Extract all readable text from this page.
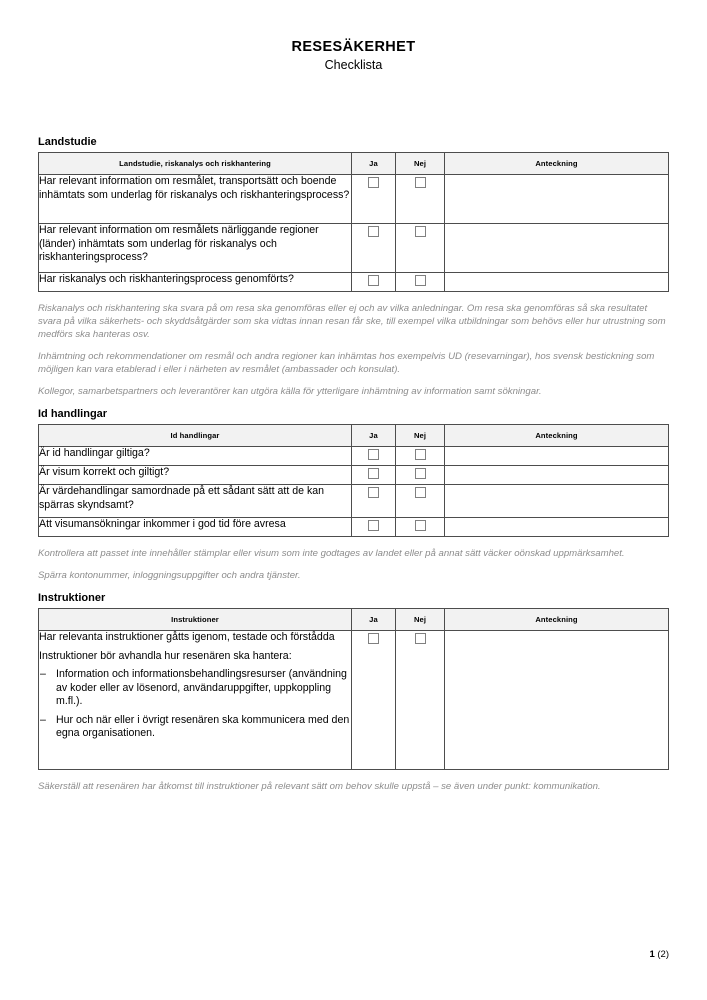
RESESÄKERHET
Checklista
Landstudie
Landstudie, riskanalys och riskhantering	Ja	Nej	Anteckning
Har relevant information om resmålet, transportsätt och boende inhämtats som underlag för riskanalys och riskhanteringsprocess?			
Har relevant information om resmålets närliggande regioner (länder) inhämtats som underlag för riskanalys och riskhanteringsprocess?			
Har riskanalys och riskhanteringsprocess genomförts?			

Riskanalys och riskhantering ska svara på om resa ska genomföras eller ej och av vilka anledningar. Om resa ska genomföras så ska resultatet svara på vilka säkerhets- och skyddsåtgärder som ska vidtas innan resan får ske, till exempel vilka utbildningar som behövs eller hur utrustning som medförs ska hanteras osv.

Inhämtning och rekommendationer om resmål och andra regioner kan inhämtas hos exempelvis UD (resevarningar), hos svensk bestickning som möjligen kan vara etablerad i eller i närheten av resmålet (ambassader och konsulat).

Kollegor, samarbetspartners och leverantörer kan utgöra källa för ytterligare inhämtning av information samt sökningar.

Id handlingar
Id handlingar	Ja	Nej	Anteckning
Är id handlingar giltiga?			
Är visum korrekt och giltigt?			
Är värdehandlingar samordnade på ett sådant sätt att de kan spärras skyndsamt?			
Att visumansökningar inkommer i god tid före avresa			

Kontrollera att passet inte innehåller stämplar eller visum som inte godtages av landet eller på annat sätt väcker oönskad uppmärksamhet.

Spärra kontonummer, inloggningsuppgifter och andra tjänster.

Instruktioner
Instruktioner	Ja	Nej	Anteckning

Har relevanta instruktioner gåtts igenom, testade och förstådda
Instruktioner bör avhandla hur resenären ska hantera:
– Information och informationsbehandlingsresurser (användning av koder eller av lösenord, användaruppgifter, uppkoppling m.fl.).
– Hur och när eller i övrigt resenären ska kommunicera med den egna organisationen.

Säkerställ att resenären har åtkomst till instruktioner på relevant sätt om behov skulle uppstå – se även under punkt: kommunikation.

1 (2)
